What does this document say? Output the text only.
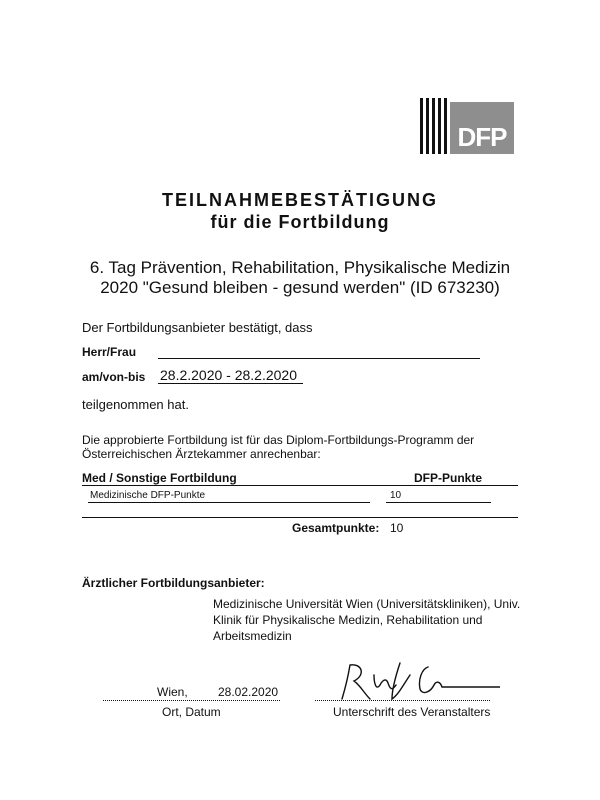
DFP
TEILNAHMEBESTÄTIGUNG
für die Fortbildung
6. Tag Prävention, Rehabilitation, Physikalische Medizin
2020 "Gesund bleiben - gesund werden" (ID 673230)
Der Fortbildungsanbieter bestätigt, dass
Herr/Frau
am/von-bis 28.2.2020 - 28.2.2020
teilgenommen hat.
Die approbierte Fortbildung ist für das Diplom-Fortbildungs-Programm der
Österreichischen Ärztekammer anrechenbar:
Med / Sonstige Fortbildung	DFP-Punkte
Medizinische DFP-Punkte	10
Gesamtpunkte: 10
Ärztlicher Fortbildungsanbieter:
Medizinische Universität Wien (Universitätskliniken), Univ.
Klinik für Physikalische Medizin, Rehabilitation und
Arbeitsmedizin
Wien,	28.02.2020
Ort, Datum	Unterschrift des Veranstalters
